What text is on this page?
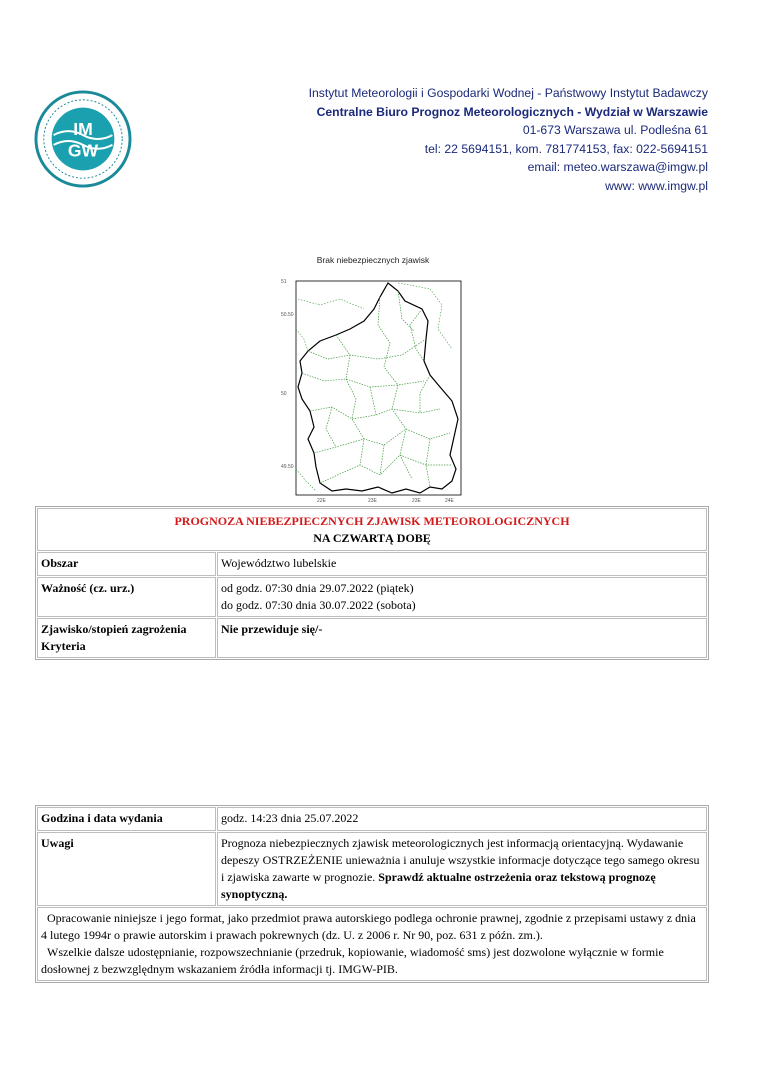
IM
GW
Instytut Meteorologii i Gospodarki Wodnej - Państwowy Instytut Badawczy
Centralne Biuro Prognoz Meteorologicznych - Wydział w Warszawie
01-673 Warszawa ul. Podleśna 61
tel: 22 5694151, kom. 781774153, fax: 022-5694151
email: meteo.warszawa@imgw.pl
www: www.imgw.pl
Brak niebezpiecznych zjawisk
51
50.50
50
49.50
22E	23E	23E	24E
PROGNOZA NIEBEZPIECZNYCH ZJAWISK METEOROLOGICZNYCH
NA CZWARTĄ DOBĘ	

Obszar	Województwo lubelskie
Ważność (cz. urz.)	od godz. 07:30 dnia 29.07.2022 (piątek)
do godz. 07:30 dnia 30.07.2022 (sobota)

Zjawisko/stopień zagrożenia
Kryteria	Nie przewiduje się/-
Godzina i data wydania	godz. 14:23 dnia 25.07.2022
Uwagi	Prognoza niebezpiecznych zjawisk meteorologicznych jest informacją orientacyjną. Wydawanie depeszy OSTRZEŻENIE unieważnia i anuluje wszystkie informacje dotyczące tego samego okresu i zjawiska zawarte w prognozie. Sprawdź aktualne ostrzeżenia oraz tekstową prognozę synoptyczną.

Opracowanie niniejsze i jego format, jako przedmiot prawa autorskiego podlega ochronie prawnej, zgodnie z przepisami ustawy z dnia 4 lutego 1994r o prawie autorskim i prawach pokrewnych (dz. U. z 2006 r. Nr 90, poz. 631 z późn. zm.).
Wszelkie dalsze udostępnianie, rozpowszechnianie (przedruk, kopiowanie, wiadomość sms) jest dozwolone wyłącznie w formie dosłownej z bezwzględnym wskazaniem źródła informacji tj. IMGW-PIB.	
